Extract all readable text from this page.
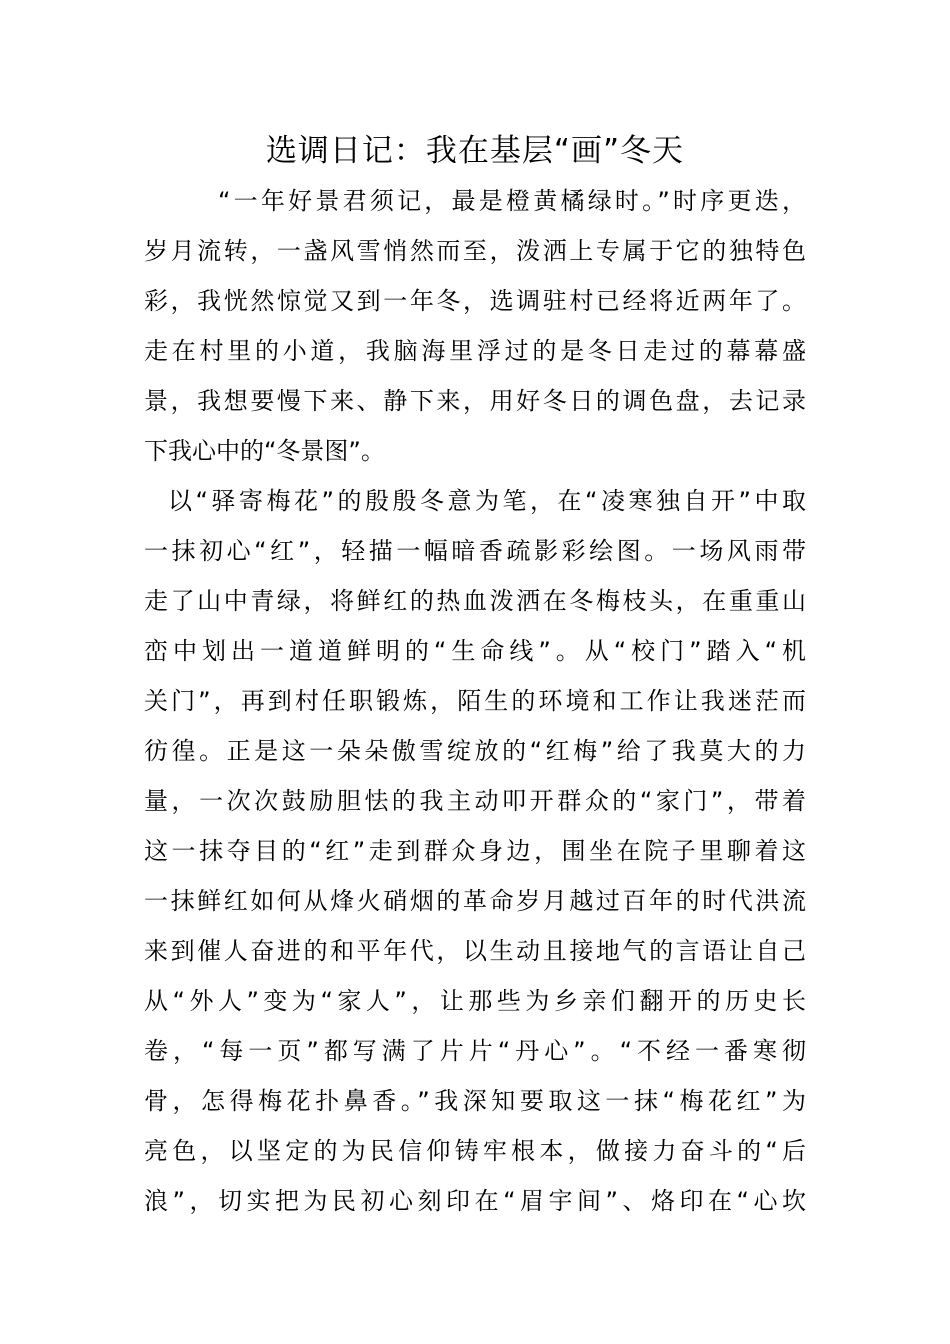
选调日记：我在基层“画”冬天

“一年好景君须记，最是橙黄橘绿时。”时序更迭，
岁月流转，一盏风雪悄然而至，泼洒上专属于它的独特色
彩，我恍然惊觉又到一年冬，选调驻村已经将近两年了。
走在村里的小道，我脑海里浮过的是冬日走过的幕幕盛
景，我想要慢下来、静下来，用好冬日的调色盘，去记录
下我心中的“冬景图”。

以“驿寄梅花”的殷殷冬意为笔，在“凌寒独自开”中取
一抹初心“红”，轻描一幅暗香疏影彩绘图。一场风雨带
走了山中青绿，将鲜红的热血泼洒在冬梅枝头，在重重山
峦中划出一道道鲜明的“生命线”。从“校门”踏入“机
关门”，再到村任职锻炼，陌生的环境和工作让我迷茫而
彷徨。正是这一朵朵傲雪绽放的“红梅”给了我莫大的力
量，一次次鼓励胆怯的我主动叩开群众的“家门”，带着
这一抹夺目的“红”走到群众身边，围坐在院子里聊着这
一抹鲜红如何从烽火硝烟的革命岁月越过百年的时代洪流
来到催人奋进的和平年代，以生动且接地气的言语让自己
从“外人”变为“家人”，让那些为乡亲们翻开的历史长
卷，“每一页”都写满了片片“丹心”。“不经一番寒彻
骨，怎得梅花扑鼻香。”我深知要取这一抹“梅花红”为
亮色，以坚定的为民信仰铸牢根本，做接力奋斗的“后
浪”，切实把为民初心刻印在“眉宇间”、烙印在“心坎
